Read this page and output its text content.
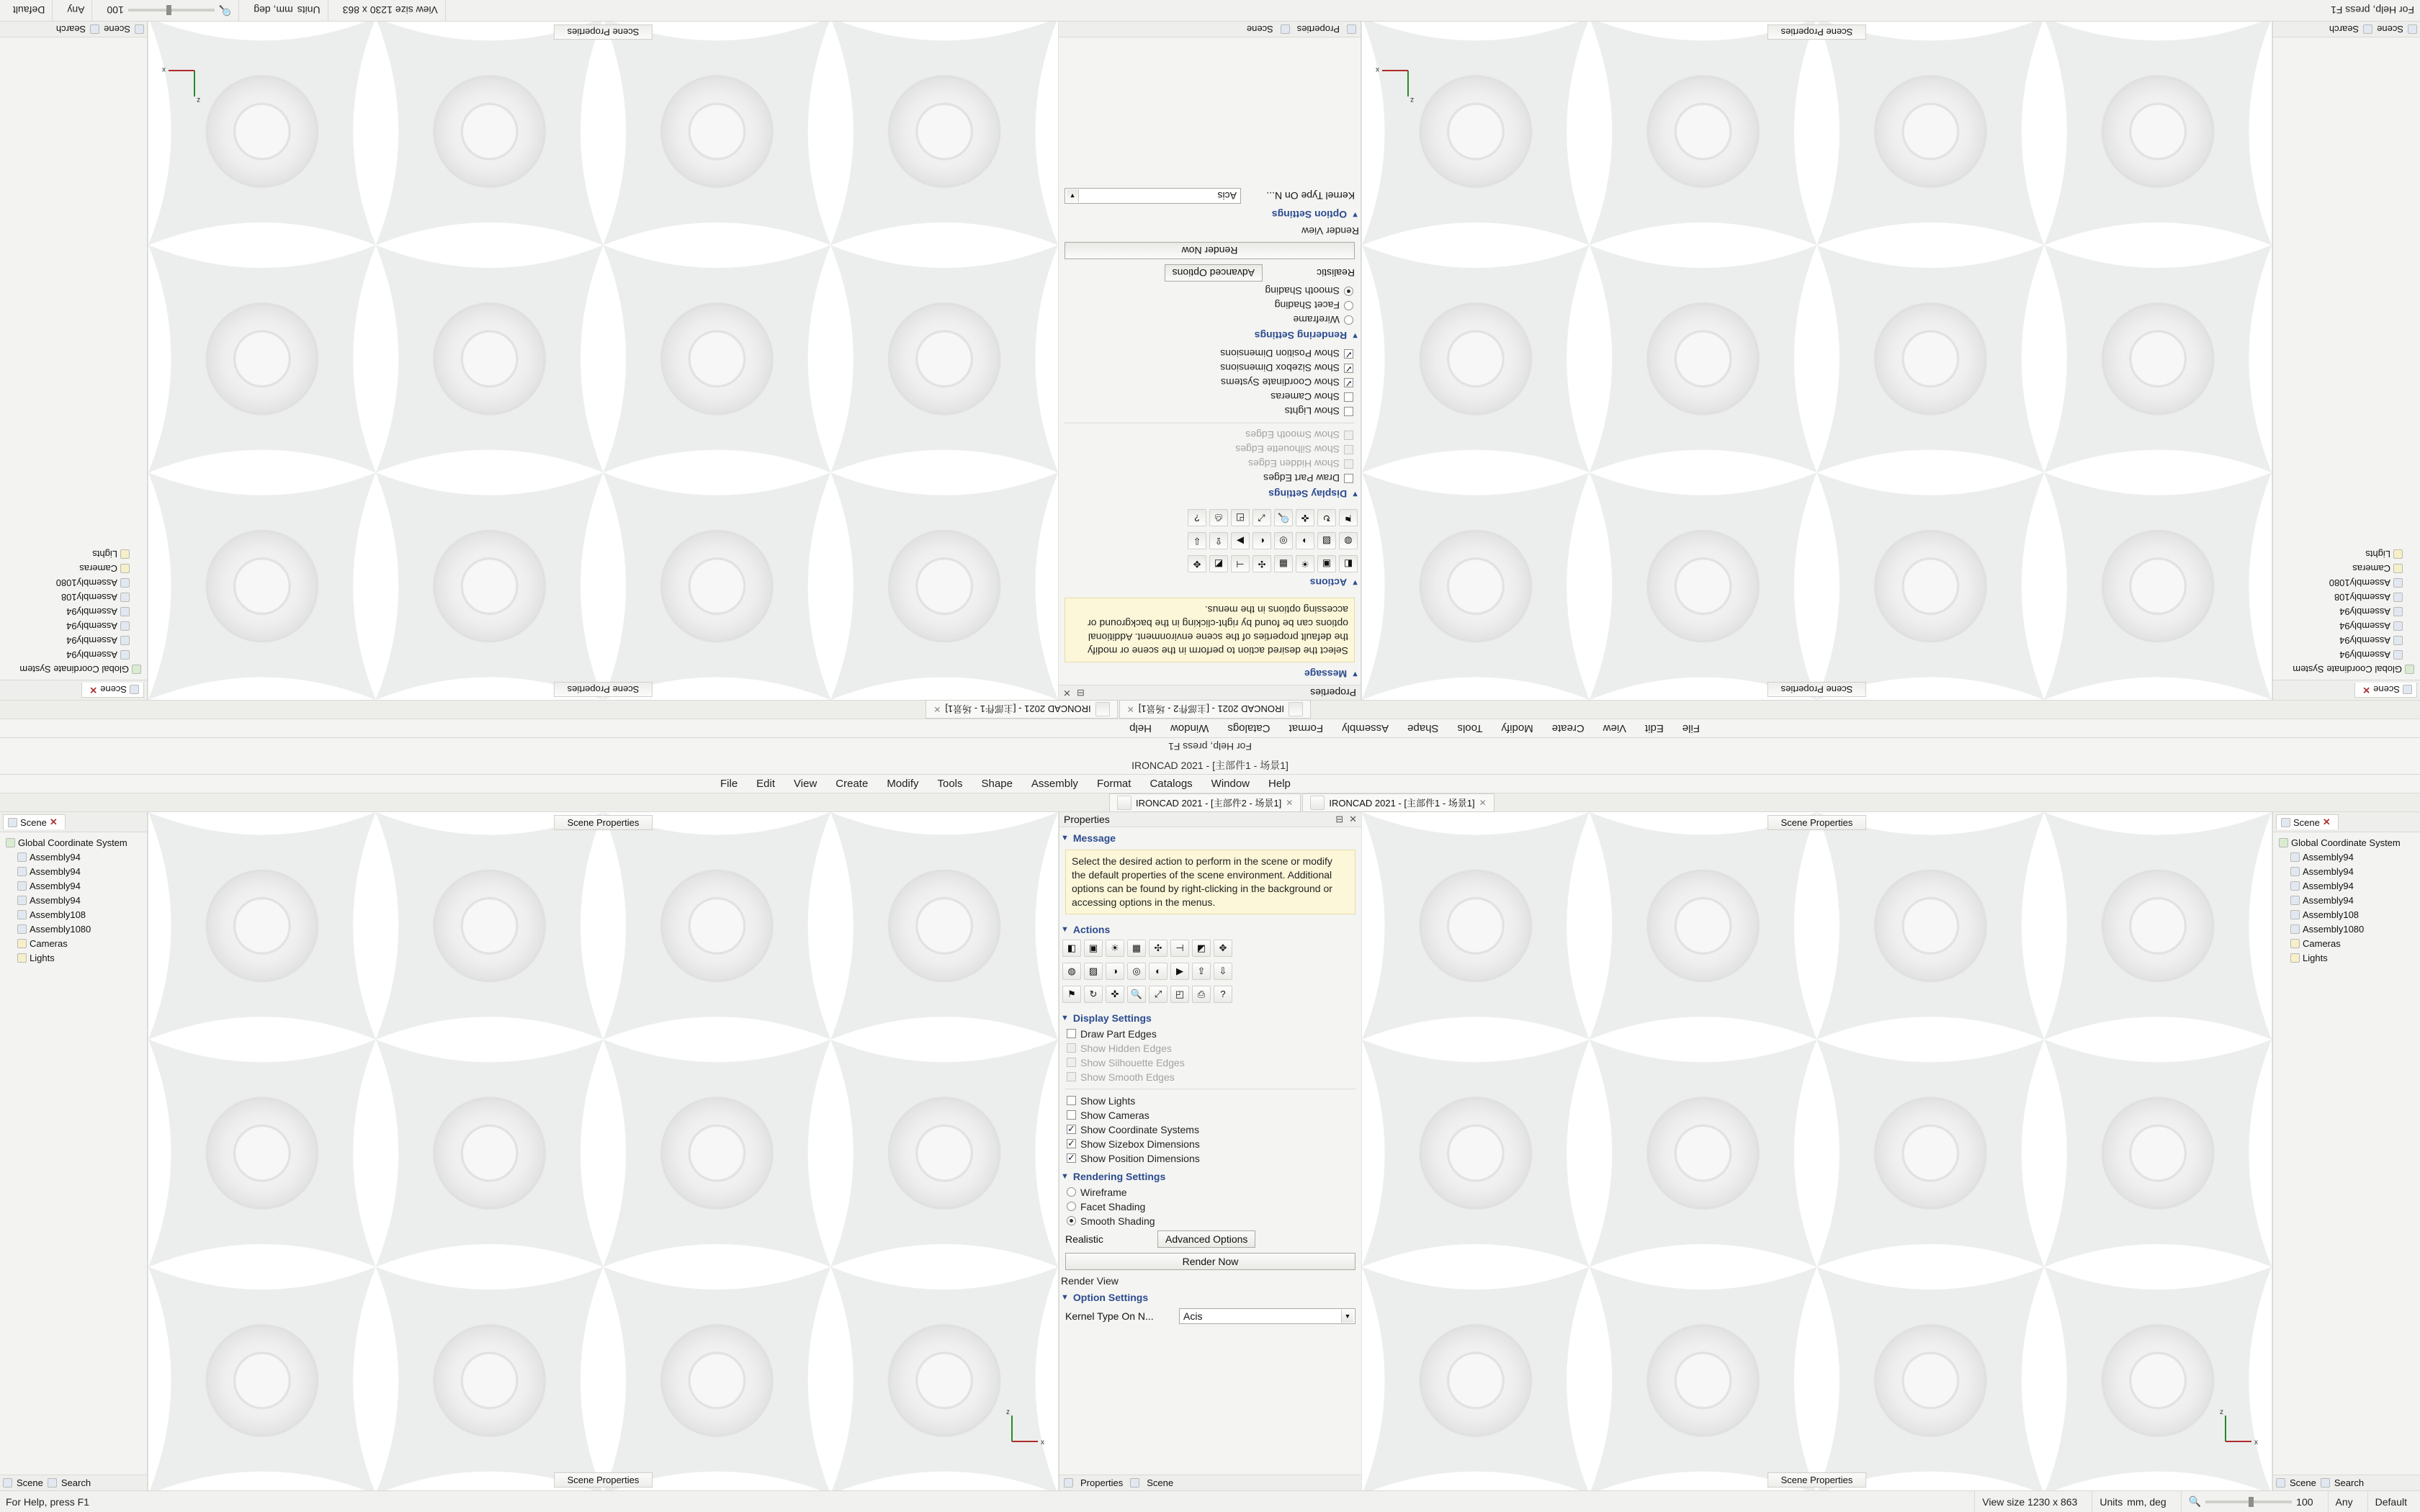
IRONCAD 2021 - [主部件1 - 场景1]
File Edit View Create Modify Tools Shape Assembly Format Catalogs Window Help
IRONCAD 2021 - [主部件2 - 场景1] ✕	IRONCAD 2021 - [主部件1 - 场景1] ✕
Scene ✕
Global Coordinate System
Assembly94
Assembly94
Assembly94
Assembly94
Assembly108
Assembly1080
Cameras
Lights
Scene Search
Scene Properties
Scene Properties
z
x
Properties	⊟ ✕
▼ Message
Select the desired action to perform in the scene or modify the default properties of the scene environment. Additional options can be found by right-clicking in the background or accessing options in the menus.
▼ Actions
◧	▣	☀	▦	✣	⊣	◩	✥
◍	▨	◑	◎	◐	▶	⇪	⇩
⚑	↻	✜	🔍	⤢	◰	⎙	?
▼ Display Settings
Draw Part Edges
Show Hidden Edges
Show Silhouette Edges
Show Smooth Edges
Show Lights
Show Cameras
✓
Show Coordinate Systems
✓
Show Sizebox Dimensions
✓
Show Position Dimensions
▼ Rendering Settings
Wireframe
Facet Shading
Smooth Shading
Realistic	Advanced Options
Render Now
Render View
▼ Option Settings
Kernel Type On N...	Acis	▼
Properties	Scene
Scene Properties
Scene Properties
z
x
Scene ✕
Global Coordinate System
Assembly94
Assembly94
Assembly94
Assembly94
Assembly108
Assembly1080
Cameras
Lights
Scene Search
For Help, press F1	View size 1230 x 863	Units mm, deg 🔍	100 Any Default
For Help, press F1
File
Edit
View
Create
Modify
Tools
Shape
Assembly
Format
Catalogs
Window
Help
IRONCAD 2021 - [主部件2 - 场景1]
✕
IRONCAD 2021 - [主部件1 - 场景1]
✕
Scene
✕
Global Coordinate System
Assembly94
Assembly94
Assembly94
Assembly94
Assembly108
Assembly1080
Cameras
Lights
Scene
Search
Scene Properties
Scene Properties
z
x
Properties
⊟
✕
▼
Message
Select the desired action to perform in the scene or modify the default properties of the scene environment. Additional options can be found by right-clicking in the background or accessing options in the menus.
▼
Actions
◧
▣
☀
▦
✣
⊣
◩
✥
◍
▨
◑
◎
◐
▶
⇪
⇩
⚑
↻
✜
🔍
⤢
◰
⎙
?
▼
Display Settings
Draw Part Edges
Show Hidden Edges
Show Silhouette Edges
Show Smooth Edges
Show Lights
Show Cameras
✓
Show Coordinate Systems
✓
Show Sizebox Dimensions
✓
Show Position Dimensions
▼
Rendering Settings
Wireframe
Facet Shading
Smooth Shading
Realistic
Advanced Options
Render Now
Render View
▼
Option Settings
Kernel Type On N...
Acis
▼
Properties
Scene
Scene Properties
Scene Properties
z
x
Scene
✕
Global Coordinate System
Assembly94
Assembly94
Assembly94
Assembly94
Assembly108
Assembly1080
Cameras
Lights
Scene
Search
For Help, press F1
View size 1230 x 863
Units
mm, deg
🔍
100
Any
Default
